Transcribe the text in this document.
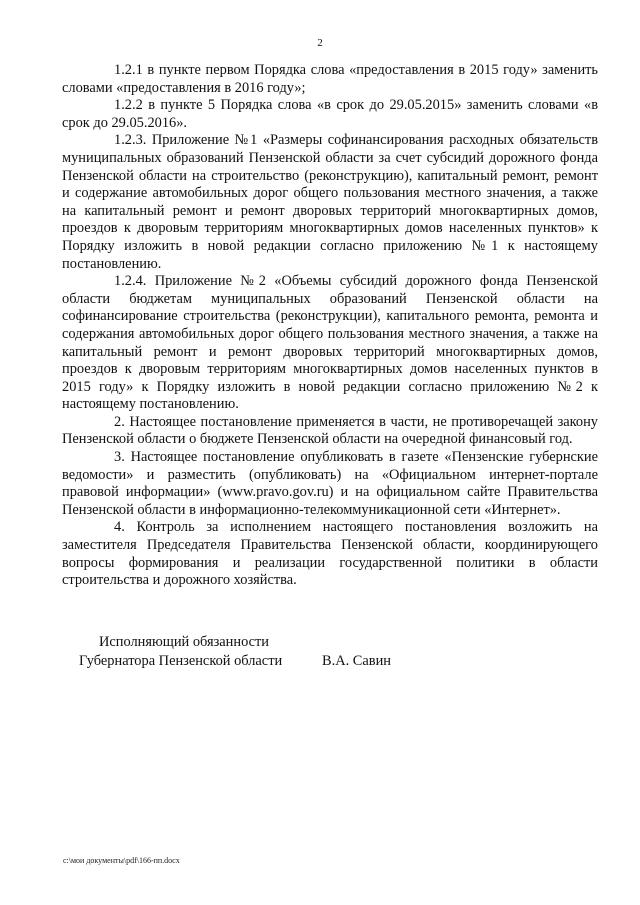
2

1.2.1 в пункте первом Порядка слова «предоставления в 2015 году» заменить словами «предоставления в 2016 году»;

1.2.2 в пункте 5 Порядка слова «в срок до 29.05.2015» заменить словами «в срок до 29.05.2016».

1.2.3. Приложение №1 «Размеры софинансирования расходных обязательств муниципальных образований Пензенской области за счет субсидий дорожного фонда Пензенской области на строительство (реконструкцию), капитальный ремонт, ремонт и содержание автомобильных дорог общего пользования местного значения, а также на капитальный ремонт и ремонт дворовых территорий многоквартирных домов, проездов к дворовым территориям многоквартирных домов населенных пунктов» к Порядку изложить в новой редакции согласно приложению №1 к настоящему постановлению.

1.2.4. Приложение №2 «Объемы субсидий дорожного фонда Пензенской области бюджетам муниципальных образований Пензенской области на софинансирование строительства (реконструкции), капитального ремонта, ремонта и содержания автомобильных дорог общего пользования местного значения, а также на капитальный ремонт и ремонт дворовых территорий многоквартирных домов, проездов к дворовым территориям многоквартирных домов населенных пунктов в 2015 году» к Порядку изложить в новой редакции согласно приложению №2 к настоящему постановлению.

2. Настоящее постановление применяется в части, не противоречащей закону Пензенской области о бюджете Пензенской области на очередной финансовый год.

3. Настоящее постановление опубликовать в газете «Пензенские губернские ведомости» и разместить (опубликовать) на «Официальном интернет-портале правовой информации» (www.pravo.gov.ru) и на официальном сайте Правительства Пензенской области в информационно-телекоммуникационной сети «Интернет».

4. Контроль за исполнением настоящего постановления возложить на заместителя Председателя Правительства Пензенской области, координирующего вопросы формирования и реализации государственной политики в области строительства и дорожного хозяйства.

Исполняющий обязанности
Губернатора Пензенской области	В.А. Савин
c:\мои документы\pdf\166-пп.docx
